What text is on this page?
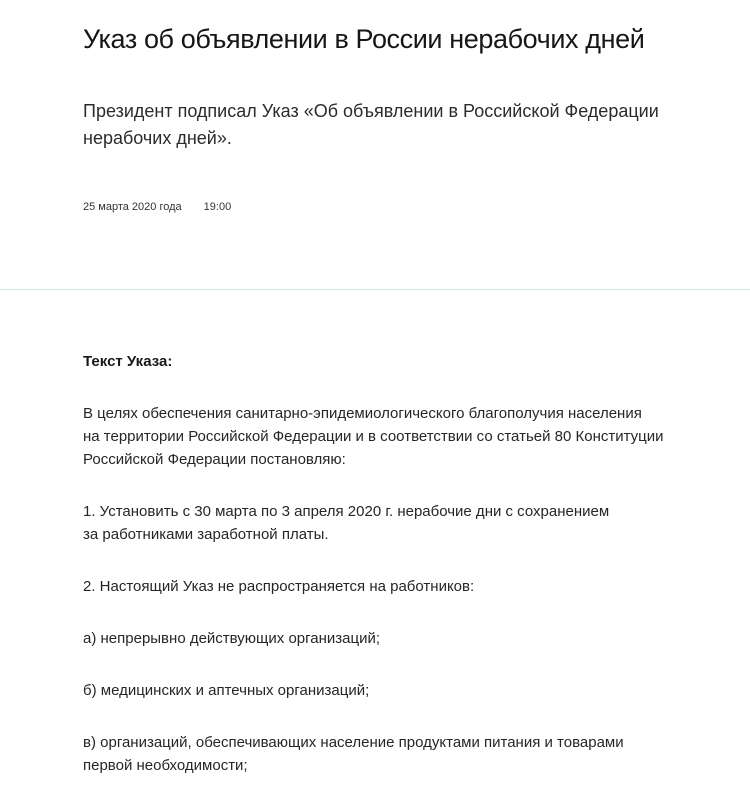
Указ об объявлении в России нерабочих дней

Президент подписал Указ «Об объявлении в Российской Федерации
нерабочих дней».

25 марта 2020 года 19:00

Текст Указа:

В целях обеспечения санитарно-эпидемиологического благополучия населения
на территории Российской Федерации и в соответствии со статьей 80 Конституции
Российской Федерации постановляю:

1. Установить с 30 марта по 3 апреля 2020 г. нерабочие дни с сохранением
за работниками заработной платы.

2. Настоящий Указ не распространяется на работников:

а) непрерывно действующих организаций;

б) медицинских и аптечных организаций;

в) организаций, обеспечивающих население продуктами питания и товарами
первой необходимости;
